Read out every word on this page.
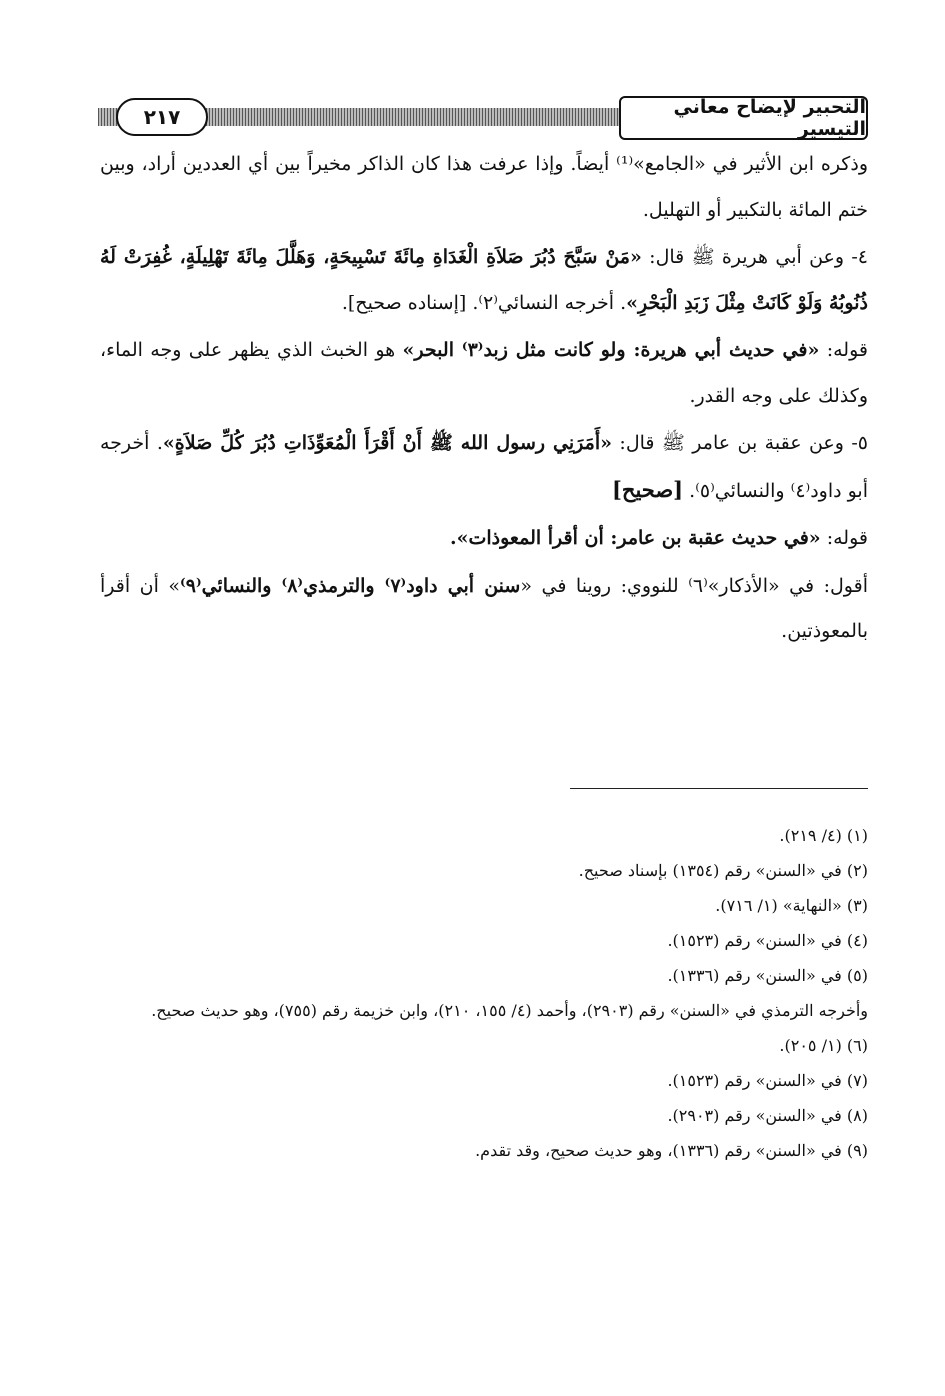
التحبير لإيضاح معاني التيسير
٢١٧

وذكره ابن الأثير في «الجامع»⁽¹⁾ أيضاً. وإذا عرفت هذا كان الذاكر مخيراً بين أي العددين أراد، وبين ختم المائة بالتكبير أو التهليل.

٤- وعن أبي هريرة ﷺ قال: «مَنْ سَبَّحَ دُبُرَ صَلاَةِ الْغَدَاةِ مِائَةَ تَسْبِيحَةٍ، وَهَلَّلَ مِائَةَ تَهْلِيلَةٍ، غُفِرَتْ لَهُ ذُنُوبُهُ وَلَوْ كَانَتْ مِثْلَ زَبَدِ الْبَحْرِ». أخرجه النسائي⁽٢⁾. [إسناده صحيح].

قوله: «في حديث أبي هريرة: ولو كانت مثل زبد⁽٣⁾ البحر» هو الخبث الذي يظهر على وجه الماء، وكذلك على وجه القدر.

٥- وعن عقبة بن عامر ﷺ قال: «أَمَرَنِي رسول الله ﷺ أَنْ أَقْرَأَ الْمُعَوِّذَاتِ دُبُرَ كُلِّ صَلاَةٍ». أخرجه أبو داود⁽٤⁾ والنسائي⁽٥⁾. [صحيح]

قوله: «في حديث عقبة بن عامر: أن أقرأ المعوذات».

أقول: في «الأذكار»⁽٦⁾ للنووي: روينا في «سنن أبي داود⁽٧⁾ والترمذي⁽٨⁾ والنسائي⁽٩⁾» أن أقرأ بالمعوذتين.

(١) (٤/ ٢١٩).
(٢) في «السنن» رقم (١٣٥٤) بإسناد صحيح.
(٣) «النهاية» (١/ ٧١٦).
(٤) في «السنن» رقم (١٥٢٣).
(٥) في «السنن» رقم (١٣٣٦).
وأخرجه الترمذي في «السنن» رقم (٢٩٠٣)، وأحمد (٤/ ١٥٥، ٢١٠)، وابن خزيمة رقم (٧٥٥)، وهو حديث صحيح.
(٦) (١/ ٢٠٥).
(٧) في «السنن» رقم (١٥٢٣).
(٨) في «السنن» رقم (٢٩٠٣).
(٩) في «السنن» رقم (١٣٣٦)، وهو حديث صحيح، وقد تقدم.
